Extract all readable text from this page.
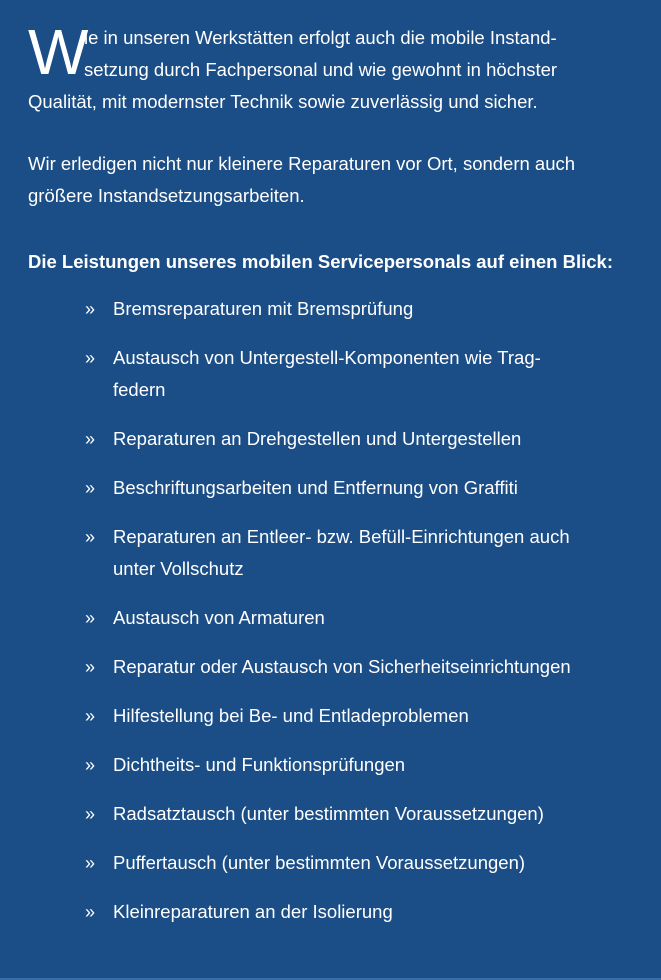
W
ie in unseren Werkstätten erfolgt auch die mobile Instand-
setzung durch Fachpersonal und wie gewohnt in höchster
Qualität, mit modernster Technik sowie zuverlässig und sicher.
Wir erledigen nicht nur kleinere Reparaturen vor Ort, sondern auch
größere Instandsetzungsarbeiten.
Die Leistungen unseres mobilen Servicepersonals auf einen Blick:
» Bremsreparaturen mit Bremsprüfung
» Austausch von Untergestell-Komponenten wie Trag-
federn
» Reparaturen an Drehgestellen und Untergestellen
» Beschriftungsarbeiten und Entfernung von Graffiti
» Reparaturen an Entleer- bzw. Befüll-Einrichtungen auch
unter Vollschutz
» Austausch von Armaturen
» Reparatur oder Austausch von Sicherheitseinrichtungen
» Hilfestellung bei Be- und Entladeproblemen
» Dichtheits- und Funktionsprüfungen
» Radsatztausch (unter bestimmten Voraussetzungen)
» Puffertausch (unter bestimmten Voraussetzungen)
» Kleinreparaturen an der Isolierung
